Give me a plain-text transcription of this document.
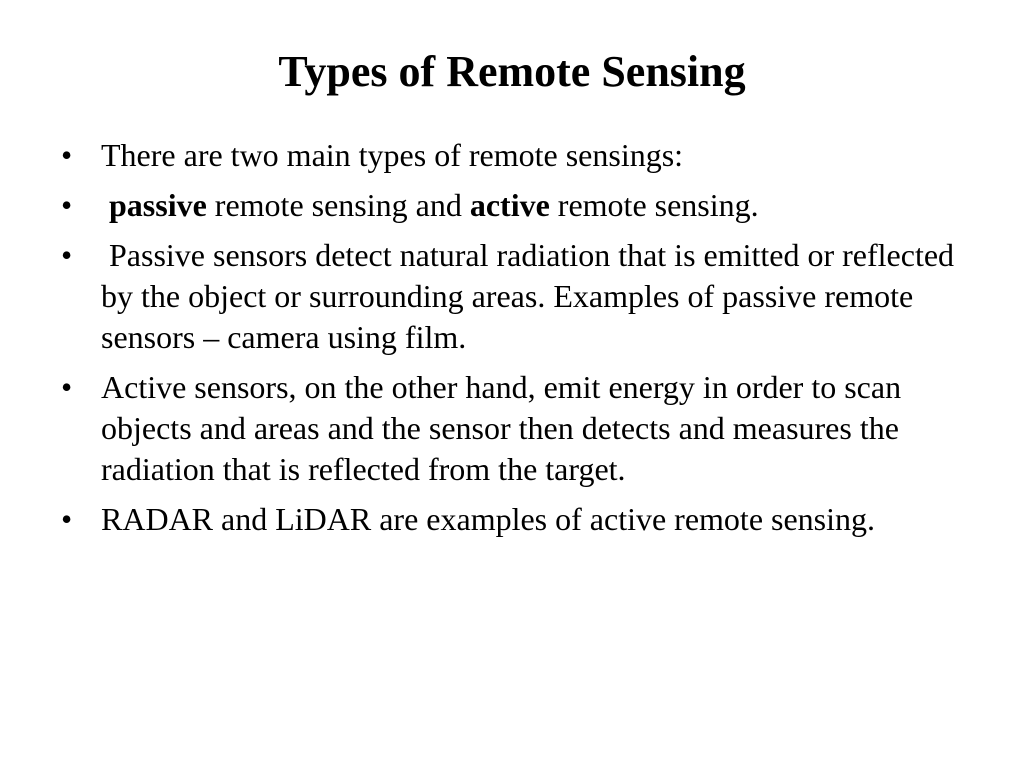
Types of Remote Sensing
• There are two main types of remote sensings:
• passive remote sensing and active remote sensing.
• Passive sensors detect natural radiation that is emitted or reflected by the object or surrounding areas. Examples of passive remote sensors – camera using film.
• Active sensors, on the other hand, emit energy in order to scan objects and areas and the sensor then detects and measures the radiation that is reflected from the target.
• RADAR and LiDAR are examples of active remote sensing.
